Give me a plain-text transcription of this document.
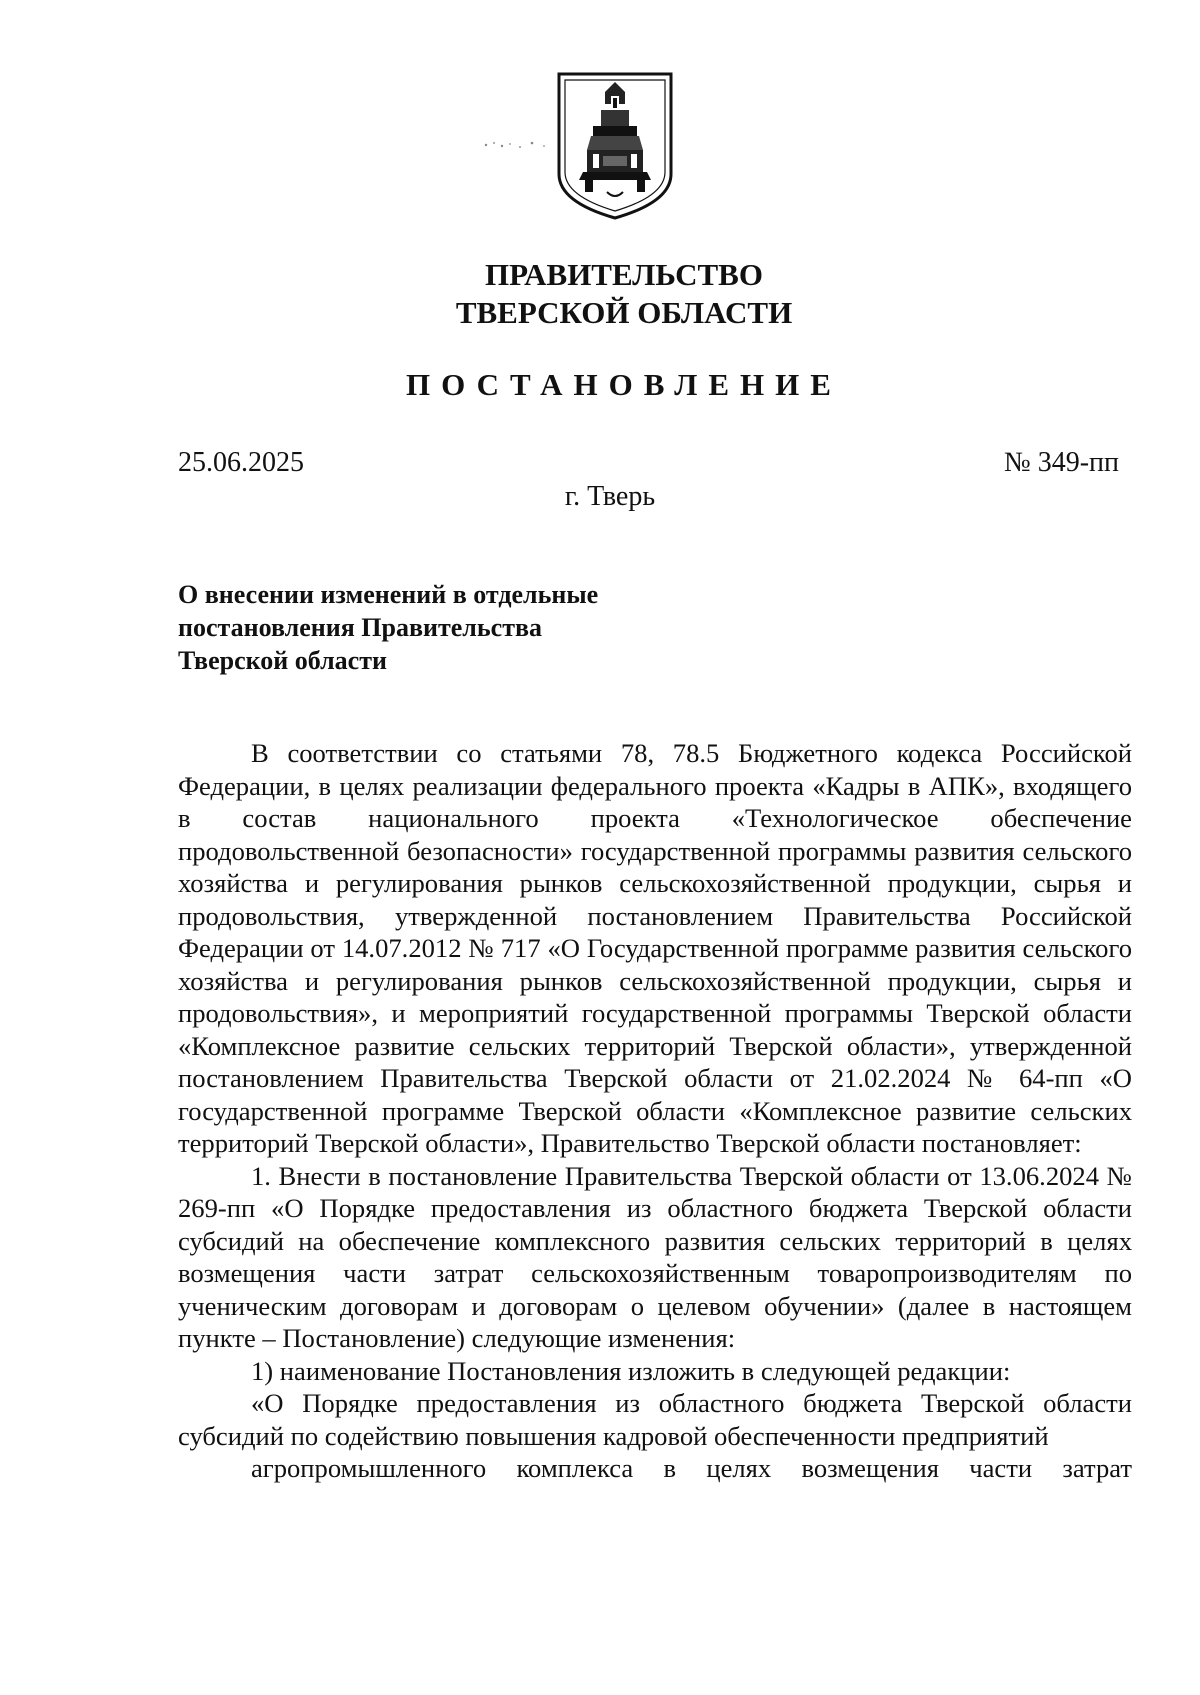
ПРАВИТЕЛЬСТВО
ТВЕРСКОЙ ОБЛАСТИ
ПОСТАНОВЛЕНИЕ
25.06.2025	№ 349-пп
г. Тверь
О внесении изменений в отдельные
постановления Правительства
Тверской области

В соответствии со статьями 78, 78.5 Бюджетного кодекса Российской Федерации, в целях реализации федерального проекта «Кадры в АПК», входящего в состав национального проекта «Технологическое обеспечение продовольственной безопасности» государственной программы развития сельского хозяйства и регулирования рынков сельскохозяйственной продукции, сырья и продовольствия, утвержденной постановлением Правительства Российской Федерации от 14.07.2012 № 717 «О Государственной программе развития сельского хозяйства и регулирования рынков сельскохозяйственной продукции, сырья и продовольствия», и мероприятий государственной программы Тверской области «Комплексное развитие сельских территорий Тверской области», утвержденной постановлением Правительства Тверской области от 21.02.2024 № 64-пп «О государственной программе Тверской области «Комплексное развитие сельских территорий Тверской области», Правительство Тверской области постановляет:

1. Внести в постановление Правительства Тверской области от 13.06.2024 № 269-пп «О Порядке предоставления из областного бюджета Тверской области субсидий на обеспечение комплексного развития сельских территорий в целях возмещения части затрат сельскохозяйственным товаропроизводителям по ученическим договорам и договорам о целевом обучении» (далее в настоящем пункте – Постановление) следующие изменения:

1) наименование Постановления изложить в следующей редакции:

«О Порядке предоставления из областного бюджета Тверской области субсидий по содействию повышения кадровой обеспеченности предприятий
агропромышленного комплекса в целях возмещения части затрат
